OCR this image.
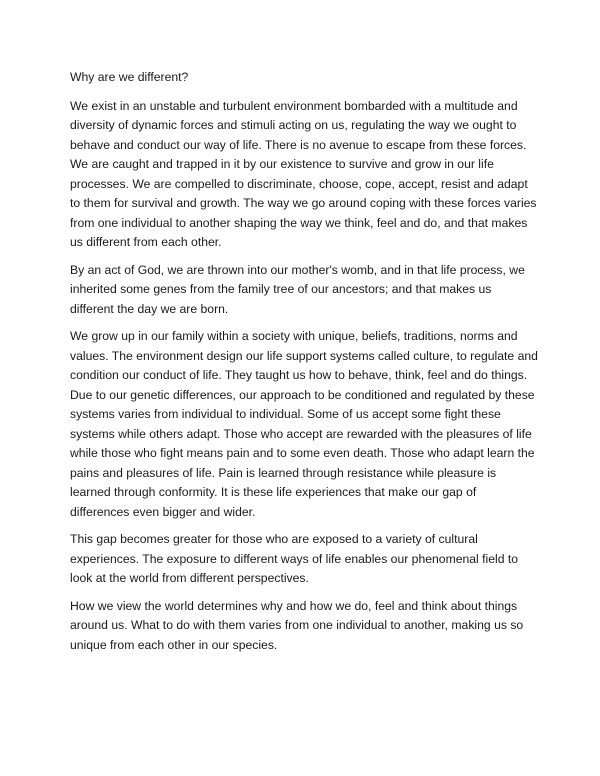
Why are we different?

We exist in an unstable and turbulent environment bombarded with a multitude and diversity of dynamic forces and stimuli acting on us, regulating the way we ought to behave and conduct our way of life. There is no avenue to escape from these forces. We are caught and trapped in it by our existence to survive and grow in our life processes. We are compelled to discriminate, choose, cope, accept, resist and adapt to them for survival and growth. The way we go around coping with these forces varies from one individual to another shaping the way we think, feel and do, and that makes us different from each other.

By an act of God, we are thrown into our mother's womb, and in that life process, we inherited some genes from the family tree of our ancestors; and that makes us different the day we are born.

We grow up in our family within a society with unique, beliefs, traditions, norms and values. The environment design our life support systems called culture, to regulate and condition our conduct of life. They taught us how to behave, think, feel and do things. Due to our genetic differences, our approach to be conditioned and regulated by these systems varies from individual to individual. Some of us accept some fight these systems while others adapt. Those who accept are rewarded with the pleasures of life while those who fight means pain and to some even death. Those who adapt learn the pains and pleasures of life. Pain is learned through resistance while pleasure is learned through conformity. It is these life experiences that make our gap of differences even bigger and wider.

This gap becomes greater for those who are exposed to a variety of cultural experiences. The exposure to different ways of life enables our phenomenal field to look at the world from different perspectives.

How we view the world determines why and how we do, feel and think about things around us. What to do with them varies from one individual to another, making us so unique from each other in our species.
